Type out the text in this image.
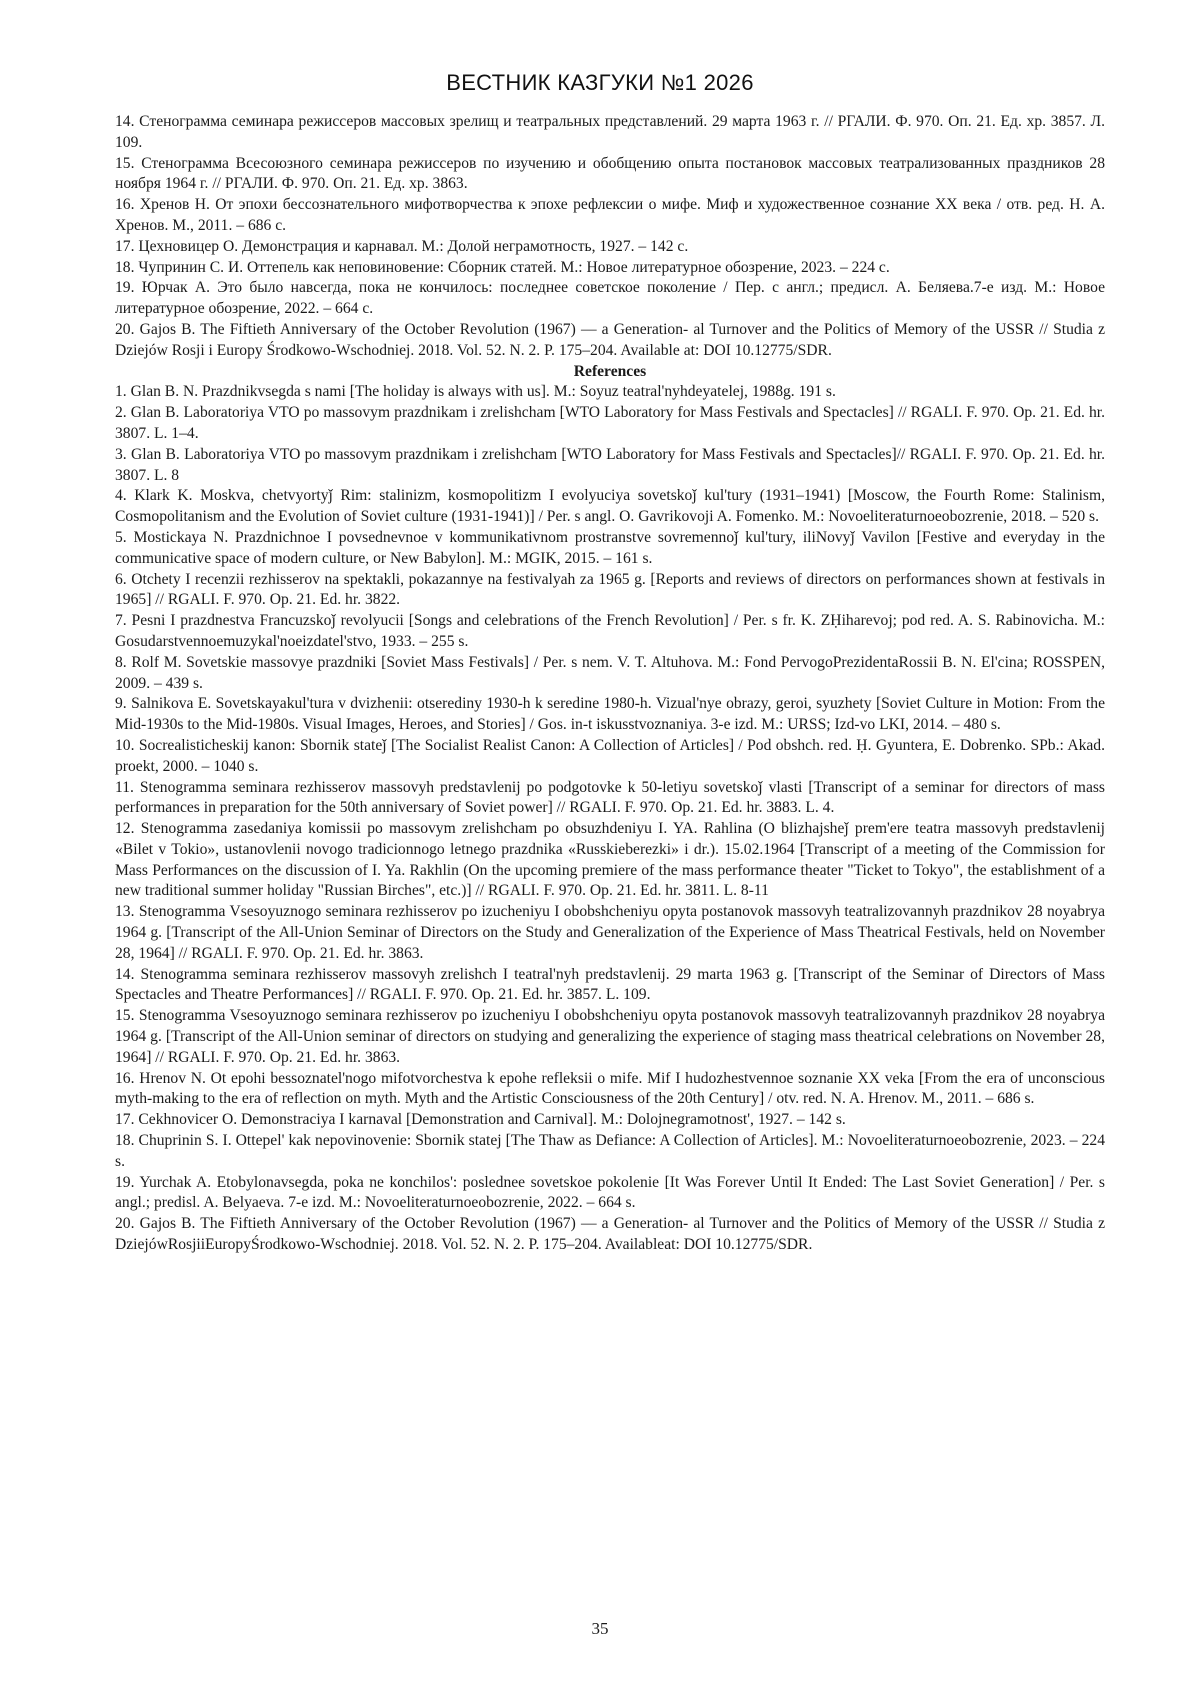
ВЕСТНИК КАЗГУКИ №1 2026

14. Стенограмма семинара режиссеров массовых зрелищ и театральных представлений. 29 марта 1963 г. // РГАЛИ. Ф. 970. Оп. 21. Ед. хр. 3857. Л. 109.

15. Стенограмма Всесоюзного семинара режиссеров по изучению и обобщению опыта постановок массовых театрализованных праздников 28 ноября 1964 г. // РГАЛИ. Ф. 970. Оп. 21. Ед. хр. 3863.

16. Хренов Н. От эпохи бессознательного мифотворчества к эпохе рефлексии о мифе. Миф и художественное сознание XX века / отв. ред. Н. А. Хренов. М., 2011. – 686 с.

17. Цехновицер О. Демонстрация и карнавал. М.: Долой неграмотность, 1927. – 142 с.

18. Чупринин С. И. Оттепель как неповиновение: Сборник статей. М.: Новое литературное обозрение, 2023. – 224 с.

19. Юрчак А. Это было навсегда, пока не кончилось: последнее советское поколение / Пер. с англ.; предисл. А. Беляева.7-е изд. М.: Новое литературное обозрение, 2022. – 664 с.

20. Gajos B. The Fiftieth Anniversary of the October Revolution (1967) — a Generation- al Turnover and the Politics of Memory of the USSR // Studia z Dziejów Rosji i Europy Środkowo-Wschodniej. 2018. Vol. 52. N. 2. P. 175–204. Available at: DOI 10.12775/SDR.

References

1. Glan B. N. Prazdnikvsegda s nami [The holiday is always with us]. M.: Soyuz teatral'nyhdeyatelej, 1988g. 191 s.

2. Glan B. Laboratoriya VTO po massovym prazdnikam i zrelishcham [WTO Laboratory for Mass Festivals and Spectacles] // RGALI. F. 970. Op. 21. Ed. hr. 3807. L. 1–4.

3. Glan B. Laboratoriya VTO po massovym prazdnikam i zrelishcham [WTO Laboratory for Mass Festivals and Spectacles]// RGALI. F. 970. Op. 21. Ed. hr. 3807. L. 8

4. Klark K. Moskva, chetvyortyǰ Rim: stalinizm, kosmopolitizm I evolyuciya sovetskoǰ kul'tury (1931–1941) [Moscow, the Fourth Rome: Stalinism, Cosmopolitanism and the Evolution of Soviet culture (1931-1941)] / Per. s angl. O. Gavrikovoji A. Fomenko. M.: Novoeliteraturnoeobozrenie, 2018. – 520 s.

5. Mostickaya N. Prazdnichnoe I povsednevnoe v kommunikativnom prostranstve sovremennoǰ kul'tury, iliNovyǰ Vavilon [Festive and everyday in the communicative space of modern culture, or New Babylon]. M.: MGIK, 2015. – 161 s.

6. Otchety I recenzii rezhisserov na spektakli, pokazannye na festivalyah za 1965 g. [Reports and reviews of directors on performances shown at festivals in 1965] // RGALI. F. 970. Op. 21. Ed. hr. 3822.

7. Pesni I prazdnestva Francuzskoǰ revolyucii [Songs and celebrations of the French Revolution] / Per. s fr. K. ZḤiharevoj; pod red. A. S. Rabinovicha. M.: Gosudarstvennoemuzykal'noeizdatel'stvo, 1933. – 255 s.

8. Rolf M. Sovetskie massovye prazdniki [Soviet Mass Festivals] / Per. s nem. V. T. Altuhova. M.: Fond PervogoPrezidentaRossii B. N. El'cina; ROSSPEN, 2009. – 439 s.

9. Salnikova E. Sovetskayakul'tura v dvizhenii: otserediny 1930-h k seredine 1980-h. Vizual'nye obrazy, geroi, syuzhety [Soviet Culture in Motion: From the Mid-1930s to the Mid-1980s. Visual Images, Heroes, and Stories] / Gos. in-t iskusstvoznaniya. 3-e izd. M.: URSS; Izd-vo LKI, 2014. – 480 s.

10. Socrealisticheskij kanon: Sbornik stateǰ [The Socialist Realist Canon: A Collection of Articles] / Pod obshch. red. Ḥ. Gyuntera, E. Dobrenko. SPb.: Akad. proekt, 2000. – 1040 s.

11. Stenogramma seminara rezhisserov massovyh predstavlenij po podgotovke k 50-letiyu sovetskoǰ vlasti [Transcript of a seminar for directors of mass performances in preparation for the 50th anniversary of Soviet power] // RGALI. F. 970. Op. 21. Ed. hr. 3883. L. 4.

12. Stenogramma zasedaniya komissii po massovym zrelishcham po obsuzhdeniyu I. YA. Rahlina (O blizhajsheǰ prem'ere teatra massovyh predstavlenij «Bilet v Tokio», ustanovlenii novogo tradicionnogo letnego prazdnika «Russkieberezki» i dr.). 15.02.1964 [Transcript of a meeting of the Commission for Mass Performances on the discussion of I. Ya. Rakhlin (On the upcoming premiere of the mass performance theater "Ticket to Tokyo", the establishment of a new traditional summer holiday "Russian Birches", etc.)] // RGALI. F. 970. Op. 21. Ed. hr. 3811. L. 8-11

13. Stenogramma Vsesoyuznogo seminara rezhisserov po izucheniyu I obobshcheniyu opyta postanovok massovyh teatralizovannyh prazdnikov 28 noyabrya 1964 g. [Transcript of the All-Union Seminar of Directors on the Study and Generalization of the Experience of Mass Theatrical Festivals, held on November 28, 1964] // RGALI. F. 970. Op. 21. Ed. hr. 3863.

14. Stenogramma seminara rezhisserov massovyh zrelishch I teatral'nyh predstavlenij. 29 marta 1963 g. [Transcript of the Seminar of Directors of Mass Spectacles and Theatre Performances] // RGALI. F. 970. Op. 21. Ed. hr. 3857. L. 109.

15. Stenogramma Vsesoyuznogo seminara rezhisserov po izucheniyu I obobshcheniyu opyta postanovok massovyh teatralizovannyh prazdnikov 28 noyabrya 1964 g. [Transcript of the All-Union seminar of directors on studying and generalizing the experience of staging mass theatrical celebrations on November 28, 1964] // RGALI. F. 970. Op. 21. Ed. hr. 3863.

16. Hrenov N. Ot epohi bessoznatel'nogo mifotvorchestva k epohe refleksii o mife. Mif I hudozhestvennoe soznanie XX veka [From the era of unconscious myth-making to the era of reflection on myth. Myth and the Artistic Consciousness of the 20th Century] / otv. red. N. A. Hrenov. M., 2011. – 686 s.

17. Cekhnovicer O. Demonstraciya I karnaval [Demonstration and Carnival]. M.: Dolojnegramotnost', 1927. – 142 s.

18. Chuprinin S. I. Ottepel' kak nepovinovenie: Sbornik statej [The Thaw as Defiance: A Collection of Articles]. M.: Novoeliteraturnoeobozrenie, 2023. – 224 s.

19. Yurchak A. Etobylonavsegda, poka ne konchilos': poslednee sovetskoe pokolenie [It Was Forever Until It Ended: The Last Soviet Generation] / Per. s angl.; predisl. A. Belyaeva. 7-e izd. M.: Novoeliteraturnoeobozrenie, 2022. – 664 s.

20. Gajos B. The Fiftieth Anniversary of the October Revolution (1967) — a Generation- al Turnover and the Politics of Memory of the USSR // Studia z DziejówRosjiiEuropyŚrodkowo-Wschodniej. 2018. Vol. 52. N. 2. P. 175–204. Availableat: DOI 10.12775/SDR.

35
